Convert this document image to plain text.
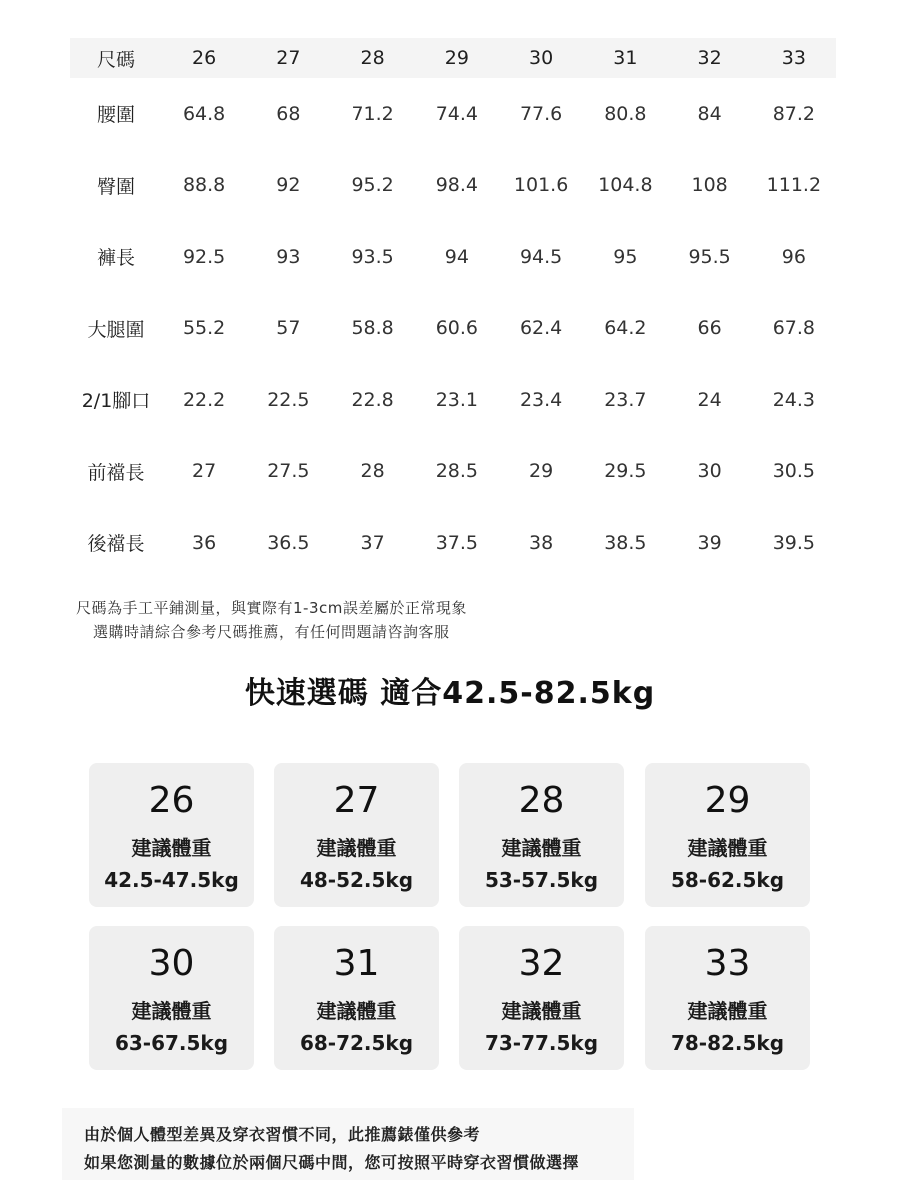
尺碼	26	27	28	29	30	31	32	33
腰圍	64.8	68	71.2	74.4	77.6	80.8	84	87.2
臀圍	88.8	92	95.2	98.4	101.6	104.8	108	111.2
褲長	92.5	93	93.5	94	94.5	95	95.5	96
大腿圍	55.2	57	58.8	60.6	62.4	64.2	66	67.8
2/1腳口	22.2	22.5	22.8	23.1	23.4	23.7	24	24.3
前襠長	27	27.5	28	28.5	29	29.5	30	30.5
後襠長	36	36.5	37	37.5	38	38.5	39	39.5
尺碼為手工平鋪測量，與實際有1-3cm誤差屬於正常現象
選購時請綜合參考尺碼推薦，有任何問題請咨詢客服
快速選碼 適合42.5-82.5kg
26
建議體重
42.5-47.5kg
27
建議體重
48-52.5kg
28
建議體重
53-57.5kg
29
建議體重
58-62.5kg
30
建議體重
63-67.5kg
31
建議體重
68-72.5kg
32
建議體重
73-77.5kg
33
建議體重
78-82.5kg
由於個人體型差異及穿衣習慣不同，此推薦錶僅供參考
如果您測量的數據位於兩個尺碼中間，您可按照平時穿衣習慣做選擇
